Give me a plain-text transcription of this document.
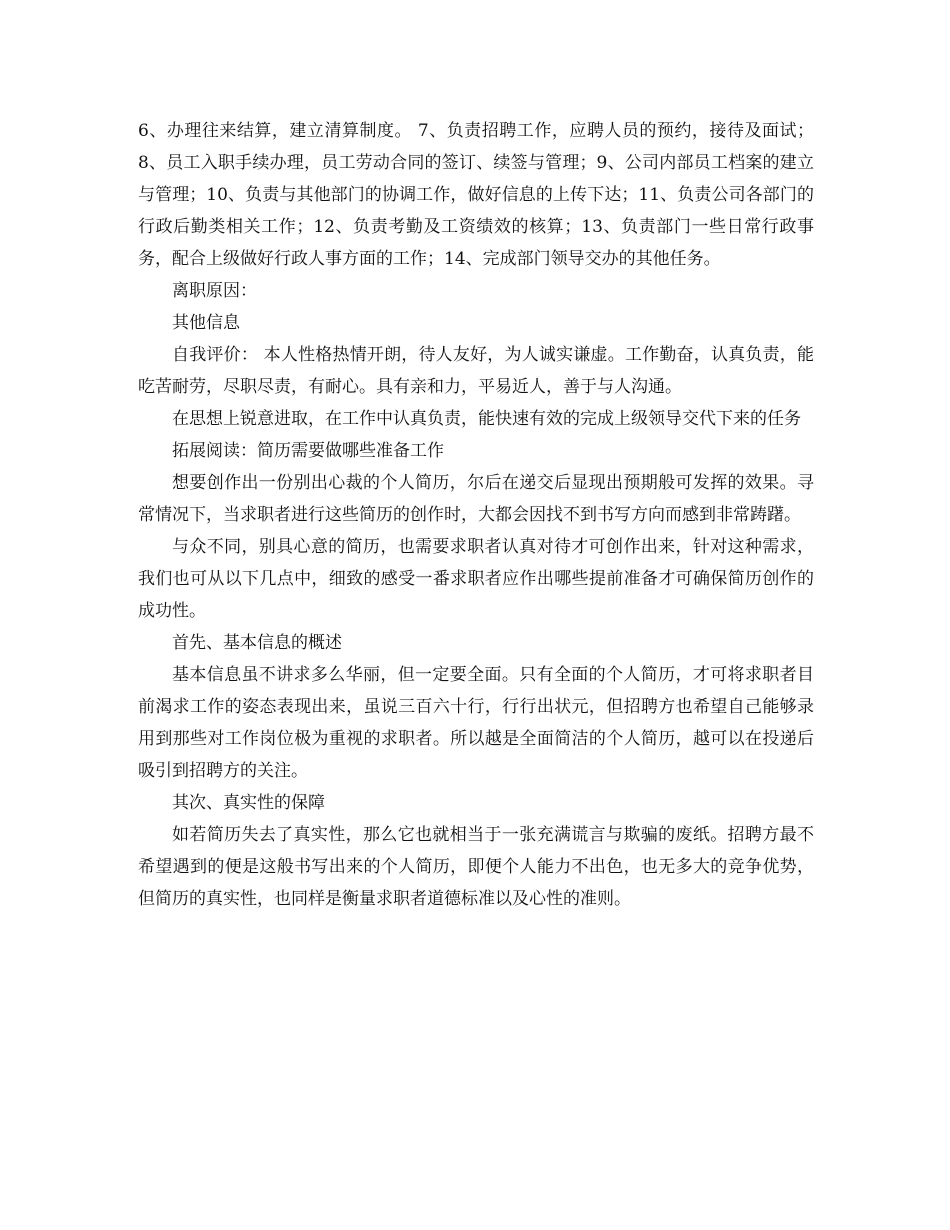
6、办理往来结算，建立清算制度。 7、负责招聘工作，应聘人员的预约，接待及面试；8、员工入职手续办理，员工劳动合同的签订、续签与管理；9、公司内部员工档案的建立与管理；10、负责与其他部门的协调工作，做好信息的上传下达；11、负责公司各部门的行政后勤类相关工作；12、负责考勤及工资绩效的核算；13、负责部门一些日常行政事务，配合上级做好行政人事方面的工作；14、完成部门领导交办的其他任务。

离职原因：

其他信息

自我评价： 本人性格热情开朗，待人友好，为人诚实谦虚。工作勤奋，认真负责，能吃苦耐劳，尽职尽责，有耐心。具有亲和力，平易近人，善于与人沟通。

在思想上锐意进取，在工作中认真负责，能快速有效的完成上级领导交代下来的任务

拓展阅读：简历需要做哪些准备工作

想要创作出一份别出心裁的个人简历，尔后在递交后显现出预期般可发挥的效果。寻常情况下，当求职者进行这些简历的创作时，大都会因找不到书写方向而感到非常踌躇。

与众不同，别具心意的简历，也需要求职者认真对待才可创作出来，针对这种需求，我们也可从以下几点中，细致的感受一番求职者应作出哪些提前准备才可确保简历创作的成功性。

首先、基本信息的概述

基本信息虽不讲求多么华丽，但一定要全面。只有全面的个人简历，才可将求职者目前渴求工作的姿态表现出来，虽说三百六十行，行行出状元，但招聘方也希望自己能够录用到那些对工作岗位极为重视的求职者。所以越是全面简洁的个人简历，越可以在投递后吸引到招聘方的关注。

其次、真实性的保障

如若简历失去了真实性，那么它也就相当于一张充满谎言与欺骗的废纸。招聘方最不希望遇到的便是这般书写出来的个人简历，即便个人能力不出色，也无多大的竞争优势，但简历的真实性，也同样是衡量求职者道德标准以及心性的准则。
